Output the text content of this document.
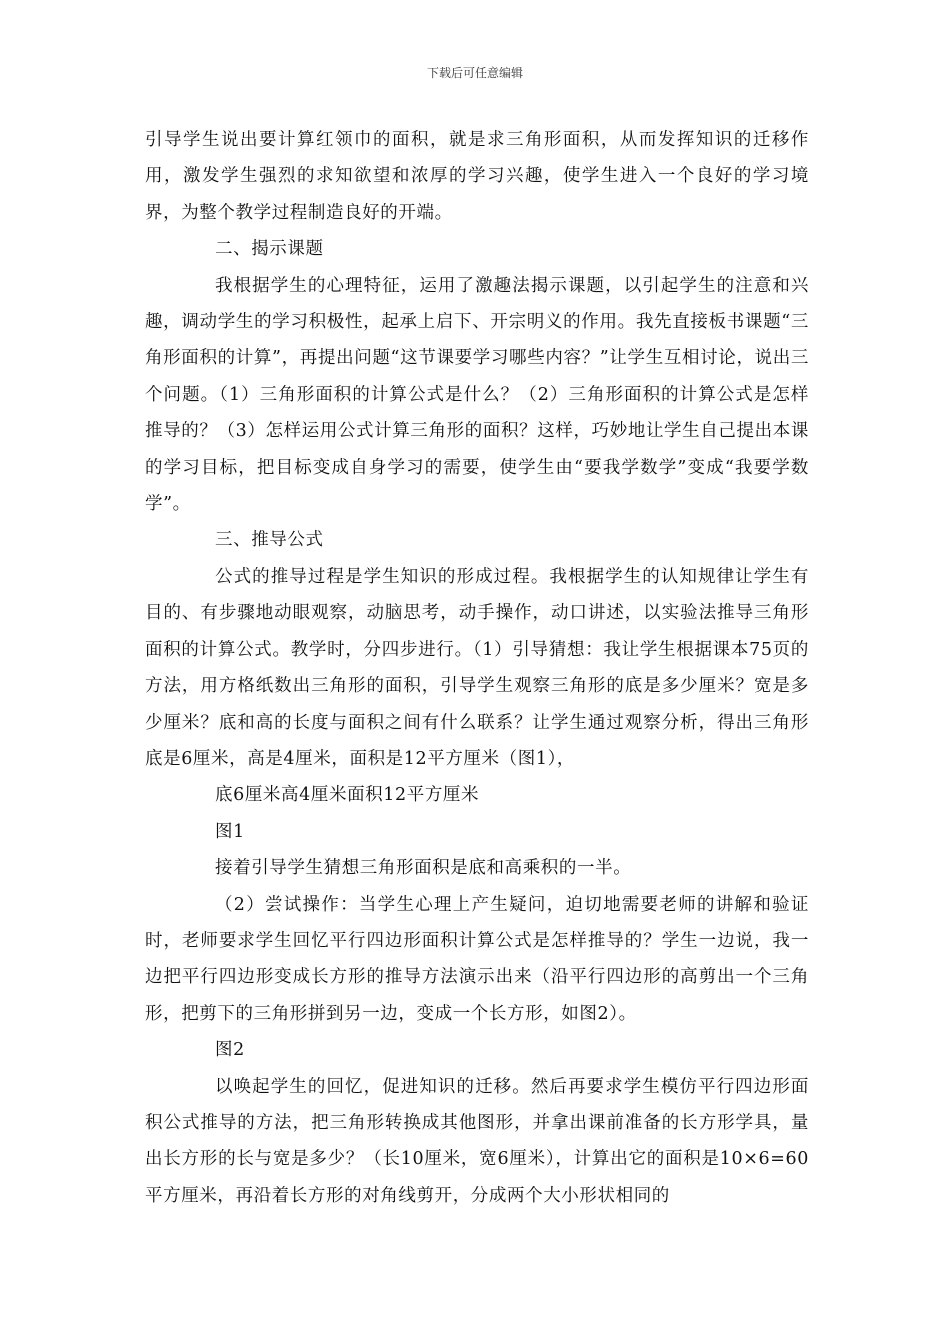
下载后可任意编辑

引导学生说出要计算红领巾的面积，就是求三角形面积，从而发挥知识的迁移作用，激发学生强烈的求知欲望和浓厚的学习兴趣，使学生进入一个良好的学习境界，为整个教学过程制造良好的开端。

二、揭示课题

我根据学生的心理特征，运用了激趣法揭示课题，以引起学生的注意和兴趣，调动学生的学习积极性，起承上启下、开宗明义的作用。我先直接板书课题“三角形面积的计算”，再提出问题“这节课要学习哪些内容？”让学生互相讨论，说出三个问题。（1）三角形面积的计算公式是什么？（2）三角形面积的计算公式是怎样推导的？（3）怎样运用公式计算三角形的面积？这样，巧妙地让学生自己提出本课的学习目标，把目标变成自身学习的需要，使学生由“要我学数学”变成“我要学数学”。

三、推导公式

公式的推导过程是学生知识的形成过程。我根据学生的认知规律让学生有目的、有步骤地动眼观察，动脑思考，动手操作，动口讲述，以实验法推导三角形面积的计算公式。教学时，分四步进行。（1）引导猜想：我让学生根据课本75页的方法，用方格纸数出三角形的面积，引导学生观察三角形的底是多少厘米？宽是多少厘米？底和高的长度与面积之间有什么联系？让学生通过观察分析，得出三角形底是6厘米，高是4厘米，面积是12平方厘米（图1），

底6厘米高4厘米面积12平方厘米

图1

接着引导学生猜想三角形面积是底和高乘积的一半。

（2）尝试操作：当学生心理上产生疑问，迫切地需要老师的讲解和验证时，老师要求学生回忆平行四边形面积计算公式是怎样推导的？学生一边说，我一边把平行四边形变成长方形的推导方法演示出来（沿平行四边形的高剪出一个三角形，把剪下的三角形拼到另一边，变成一个长方形，如图2）。

图2

以唤起学生的回忆，促进知识的迁移。然后再要求学生模仿平行四边形面积公式推导的方法，把三角形转换成其他图形，并拿出课前准备的长方形学具，量出长方形的长与宽是多少？（长10厘米，宽6厘米），计算出它的面积是10×6=60平方厘米，再沿着长方形的对角线剪开，分成两个大小形状相同的
